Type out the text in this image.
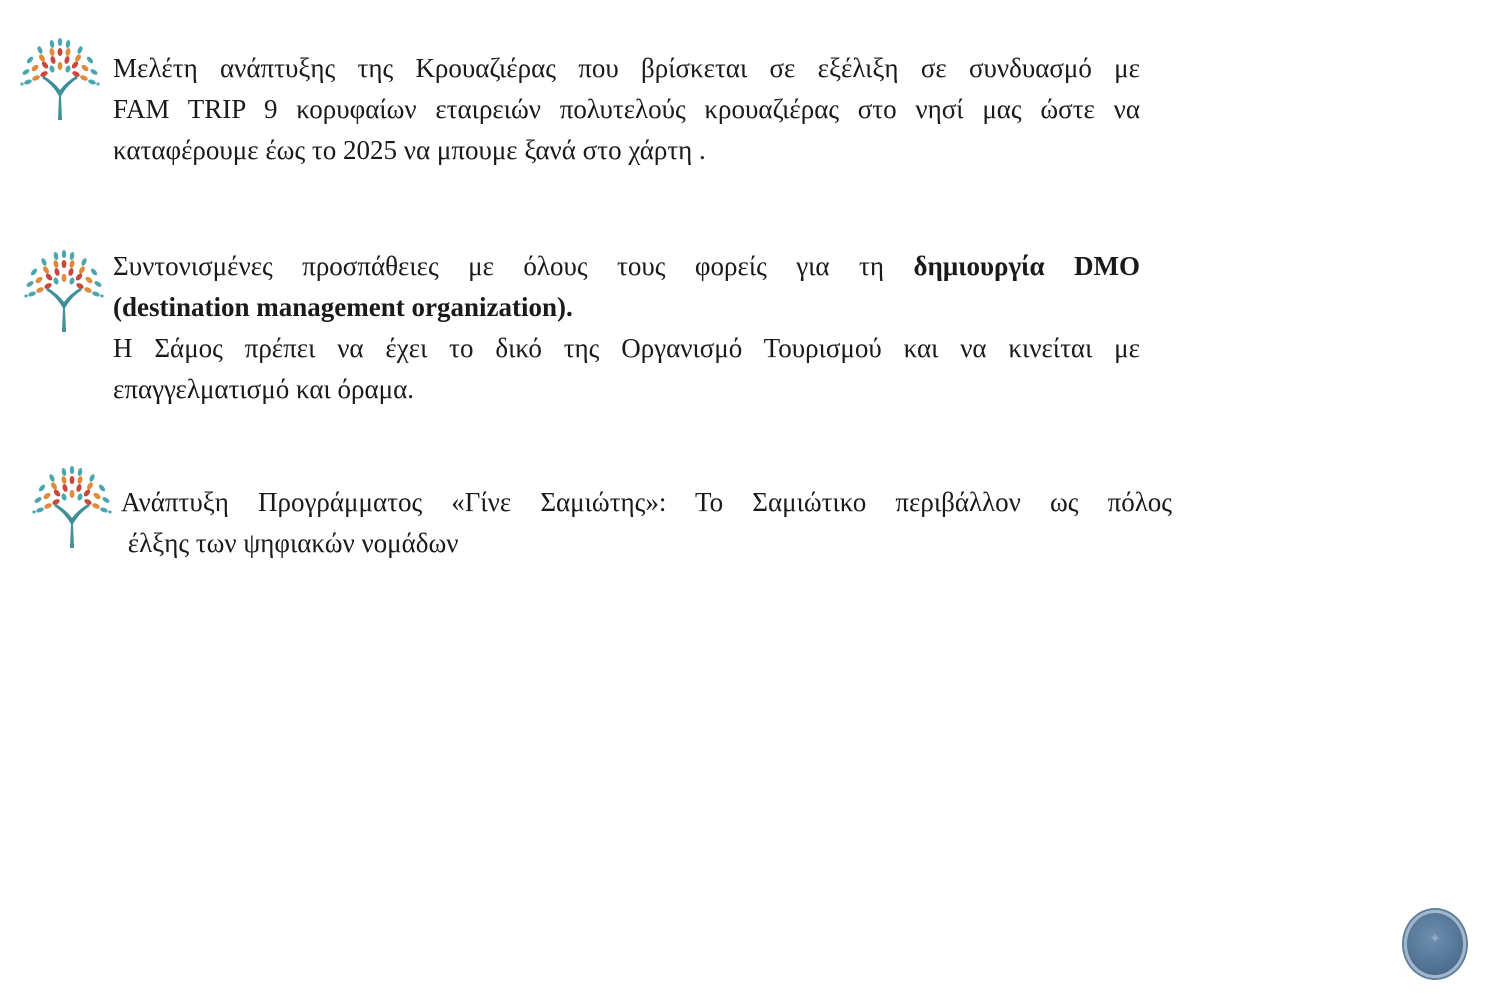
Μελέτη ανάπτυξης της Κρουαζιέρας που βρίσκεται σε εξέλιξη σε συνδυασμό με
FAM TRIP 9 κορυφαίων εταιρειών πολυτελούς κρουαζιέρας στο νησί μας ώστε να
καταφέρουμε έως το 2025 να μπουμε ξανά στο χάρτη .
Συντονισμένες προσπάθειες με όλους τους φορείς για τη δημιουργία DMO
(destination management organization).
Η Σάμος πρέπει να έχει το δικό της Οργανισμό Τουρισμού και να κινείται με
επαγγελματισμό και όραμα.
Ανάπτυξη Προγράμματος «Γίνε Σαμιώτης»: Το Σαμιώτικο περιβάλλον ως πόλος
έλξης των ψηφιακών νομάδων
✦
